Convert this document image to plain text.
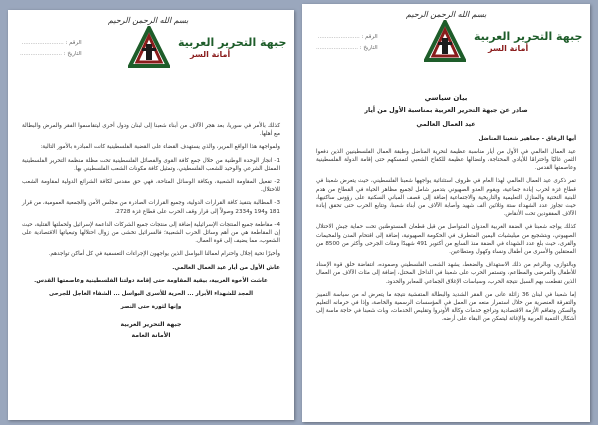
بسم الله الرحمن الرحيم
جبهة التحرير العربية
أمانة السر
الرقم : ........................
التاريخ : ........................

كذلك بالأمر في سوريا، بعد هجر الآلاف من أبناء شعبنا إلى لبنان ودول أخرى ليتقاسموا الفقر والمرض والبطالة مع أهلها.

ولمواجهة هذا الواقع المرير، والذي يستهدف القضاء على القضية الفلسطينية كانت المبادرة بالأمور التالية:

1- انجاز الوحدة الوطنية من خلال جمع كافة القوى والفصائل الفلسطينية تحت مظلة منظمة التحرير الفلسطينية الممثل الشرعي والوحيد للشعب الفلسطيني، وتمثيل كافة مكونات الشعب الفلسطيني بها.

2- تفعيل المقاومة الشعبية، وبكافة الوسائل المتاحة، فهي حق مقدس لكافة الشرائع الدولية لمقاومة الشعب للاحتلال.

3- المطالبة بتنفيذ كافة القرارات الدولية، وجميع القرارات الصادرة من مجلس الأمن والجمعية العمومية، من قرار 181 و194 و2334 وصولاً إلى قرار وقف الحرب على قطاع غزة 2728.

4- مقاطعة جميع المنتجات الإسرائيلية إضافة إلى منتجات جميع الشركات الداعمة لإسرائيل ولحملتها القتلية، حيث إن المقاطعة هي من أهم وسائل الحرب الشعبية؛ فالسرائيل تخشى من زوال احتلالها وتبعياتها الاقتصادية على الشعوب، مما يضيف إلى قوة العمال.

وأخيرًا تحية إجلال واحترام لعمالنا البواسل الذين يواجهون الإجراءات التعسفية في كل أماكن تواجدهم.

عاش الأول من أيار عيد العمال العالمي.

عاشت الأخوة العربية، بيقية المقاومة حتى إقامة دولتنا الفلسطينية وعاصمتها القدس.

المجد للشهداء الأبرار ... الحرية للأسرى البواسل ... الشفاء العاجل للجرحى

وإنها لثورة حتى النصر

جبهة التحرير العربية
الأمانة العامة
بسم الله الرحمن الرحيم
جبهة التحرير العربية
أمانة السر
الرقم : ........................
التاريخ : ........................
بيان سياسي
صادر عن جبهة التحرير العربية بمناسبة الأول من أيار
عيد العمال العالمي

أيها الرفاق - جماهير شعبنا المناضل

عيد العمال العالمي في الأول من أيار مناسبة عظيمة لنحرية المناضل وطبقة العمال الفلسطينيين الذين دفعوا الثمن غاليًا واحترامًا للأيادي المحتاجة، ولنضالها عظيمة للكفاح الشعبي لتمسكهم حتى إقامة الدولة الفلسطينية وعاصمتها القدس.

تمر ذكرى عيد العمال العالمي لهذا العام في ظروف استثنائية يواجهها شعبنا الفلسطيني، حيث يتعرض شعبنا في قطاع غزة لحرب إبادة جماعية، ويقوم العدو الصهيوني بتدمير شامل لجميع مظاهر الحياة في القطاع من هدم للبنية التحتية والمنازل التعليمية والتاريخية والاجتماعية إضافة إلى قصف المباني السكنية على رؤوس ساكنيها، حيث تجاوز عدد الشهداء ستة وثلاثين ألف شهيد وأصابة الآلاف من أبناء شعبنا، وتتابع الحرب حتى تحقق إبادة الآلاف المفقودين تحت الأنقاض.

كذلك يواجه شعبنا في الضفة الغربية العدوان المتواصل من قبل قطعان المستوطنين تحت حماية جيش الاحتلال الصهيوني، وبتشجيع من ميليشيات اليمين المتطرف في الحكومة الصهيونية، إضافة إلى اقتحام المدن والمخيمات والقرى، حيث بلغ عدد الشهداء في الضفة منذ السابع من أكتوبر 491 شهيدًا ومئات الجرحى وأكثر من 8500 من المعتقلين والأسرى من أطفال ونساء وكهول ومتطاعين.

وبالتوازي، وبالرغم من ذلك الاستهداف والضغط، يشهد الشعب الفلسطيني وصموده، انتفاضة خلق قوة الإسناد للأطفال والمرضى والمطاعم، وتستمر الحرب على شعبنا في الداخل المحتل، إضافة إلى مئات الآلاف من العمال الذين تقطعت بهم السبل نتيجة الحرب، وسياسات الإغلاق الجماعي للمعابر والحدود.

إما شعبنا في لبنان 36 زائلة عانى من الفقر الشديد والبطالة المتفشية نتيجة ما يتعرض له من سياسة التمييز والتفرقة العنصرية من خلال استمرار منعه من العمل في المؤسسات الرسمية والخاصة، وإذا في حرمانه التعليم والسكن وتفاقم الأزمة الاقتصادية وتراجع خدمات وكالة الأونروا وتقليص الخدمات، وبات شعبنا في حاجة ماسة إلى أشكال التنمية العربية والإغاثة ليتمكن من البقاء على أرضه.
